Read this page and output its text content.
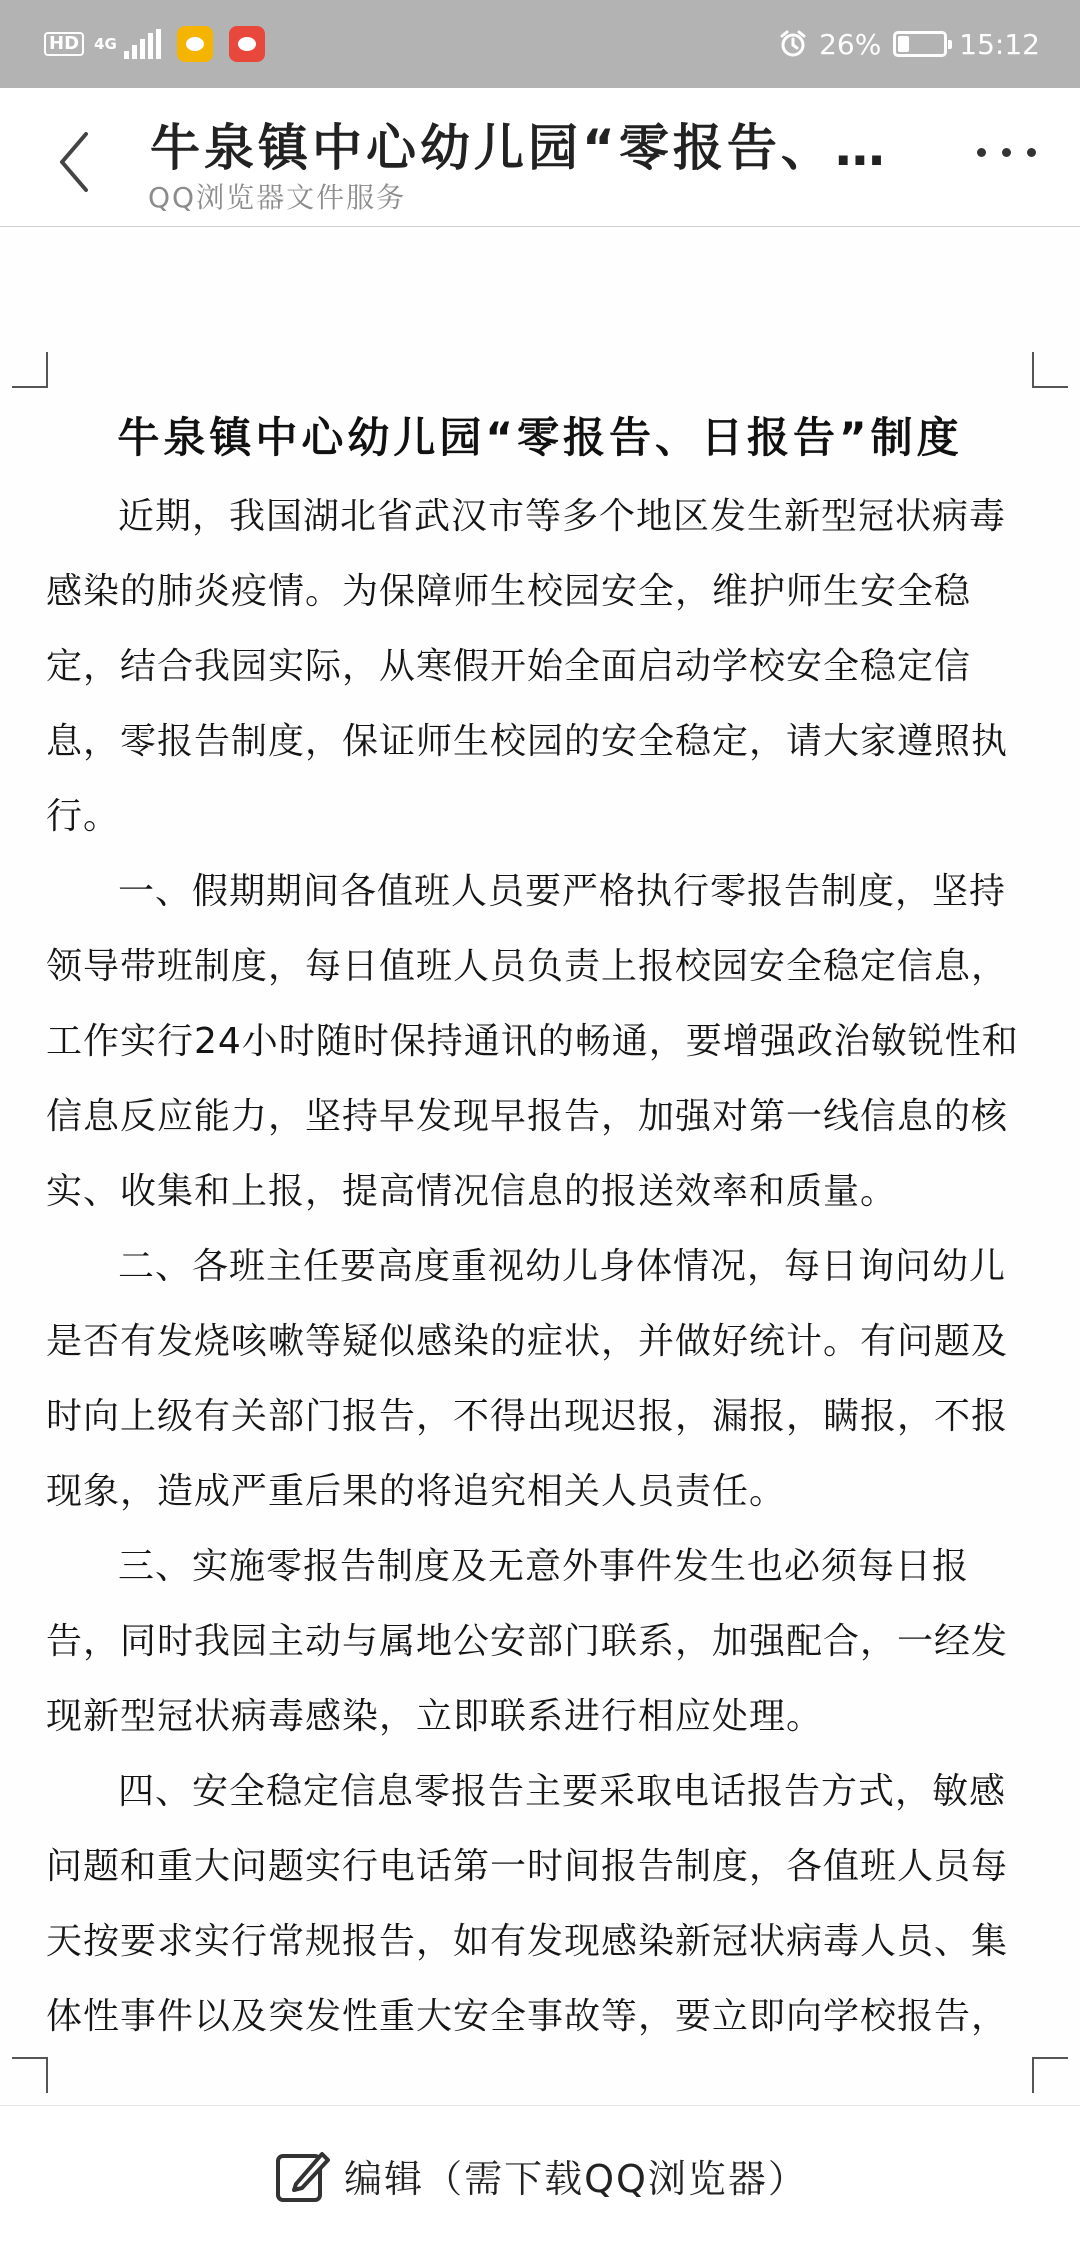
HD	4G	26%	15:12
牛泉镇中心幼儿园“零报告、…
QQ浏览器文件服务
牛泉镇中心幼儿园“零报告、日报告”制度

近期，我国湖北省武汉市等多个地区发生新型冠状病毒感染的肺炎疫情。为保障师生校园安全，维护师生安全稳定，结合我园实际，从寒假开始全面启动学校安全稳定信息，零报告制度，保证师生校园的安全稳定，请大家遵照执行。

一、假期期间各值班人员要严格执行零报告制度，坚持领导带班制度，每日值班人员负责上报校园安全稳定信息，工作实行24小时随时保持通讯的畅通，要增强政治敏锐性和信息反应能力，坚持早发现早报告，加强对第一线信息的核实、收集和上报，提高情况信息的报送效率和质量。

二、各班主任要高度重视幼儿身体情况，每日询问幼儿是否有发烧咳嗽等疑似感染的症状，并做好统计。有问题及时向上级有关部门报告，不得出现迟报，漏报，瞒报，不报现象，造成严重后果的将追究相关人员责任。

三、实施零报告制度及无意外事件发生也必须每日报告，同时我园主动与属地公安部门联系，加强配合，一经发现新型冠状病毒感染，立即联系进行相应处理。

四、安全稳定信息零报告主要采取电话报告方式，敏感问题和重大问题实行电话第一时间报告制度，各值班人员每天按要求实行常规报告，如有发现感染新冠状病毒人员、集体性事件以及突发性重大安全事故等，要立即向学校报告，

编辑（需下载QQ浏览器）
